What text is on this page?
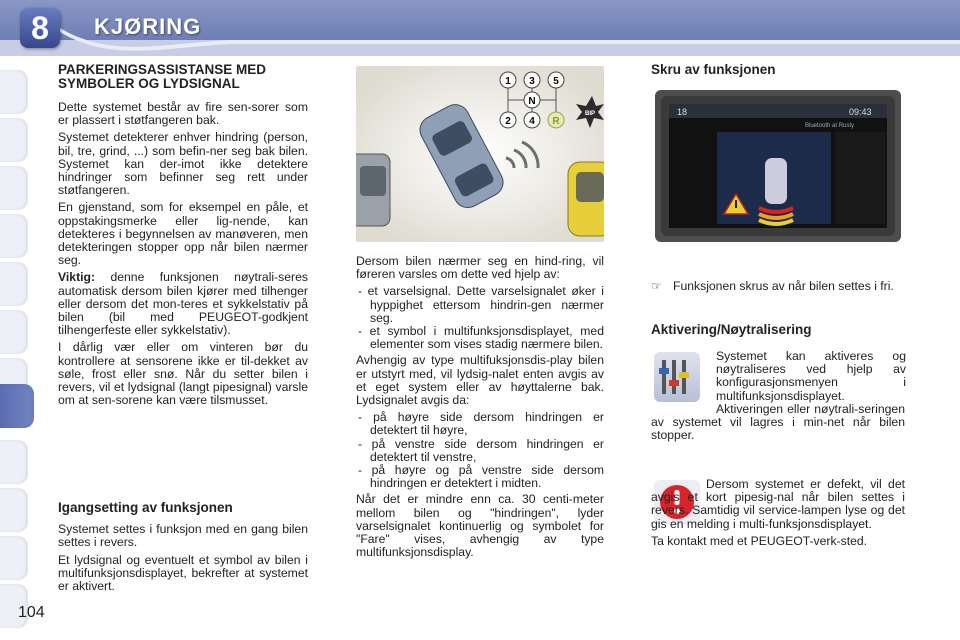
8	KJØRING
PARKERINGSASSISTANSE MED SYMBOLER OG LYDSIGNAL

Dette systemet består av fire sen-sorer som er plassert i støtfangeren bak.

Systemet detekterer enhver hindring (person, bil, tre, grind, ...) som befin-ner seg bak bilen. Systemet kan der-imot ikke detektere hindringer som befinner seg rett under støtfangeren.

En gjenstand, som for eksempel en påle, et oppstakingsmerke eller lig-nende, kan detekteres i begynnelsen av manøveren, men detekteringen stopper opp når bilen nærmer seg.

Viktig: denne funksjonen nøytrali-seres automatisk dersom bilen kjører med tilhenger eller dersom det mon-teres et sykkelstativ på bilen (bil med PEUGEOT-godkjent tilhengerfeste eller sykkelstativ).

I dårlig vær eller om vinteren bør du kontrollere at sensorene ikke er til-dekket av søle, frost eller snø. Når du setter bilen i revers, vil et lydsignal (langt pipesignal) varsle om at sen-sorene kan være tilsmusset.

Igangsetting av funksjonen

Systemet settes i funksjon med en gang bilen settes i revers.

Et lydsignal og eventuelt et symbol av bilen i multifunksjonsdisplayet, bekrefter at systemet er aktivert.

1 3 5
N
2 4 R
BIP

Dersom bilen nærmer seg en hind-ring, vil føreren varsles om dette ved hjelp av:

- et varselsignal. Dette varselsignalet øker i hyppighet ettersom hindrin-gen nærmer seg.
- et symbol i multifunksjonsdisplayet, med elementer som vises stadig nærmere bilen.

Avhengig av type multifuksjonsdis-play bilen er utstyrt med, vil lydsig-nalet enten avgis av et eget system eller av høyttalerne bak. Lydsignalet avgis da:

- på høyre side dersom hindringen er detektert til høyre,
- på venstre side dersom hindringen er detektert til venstre,
- på høyre og på venstre side dersom hindringen er detektert i midten.

Når det er mindre enn ca. 30 centi-meter mellom bilen og "hindringen", lyder varselsignalet kontinuerlig og symbolet for "Fare" vises, avhengig av type multifunksjonsdisplay.

Skru av funksjonen
18	09:43
Bluetooth at Rusty
☞ Funksjonen skrus av når bilen settes i fri.
Aktivering/Nøytralisering

Systemet kan aktiveres og nøytraliseres ved hjelp av konfigurasjonsmenyen i multifunksjonsdisplayet.

Aktiveringen eller nøytrali-seringen av systemet vil lagres i min-net når bilen stopper.

Dersom systemet er defekt, vil det avgis et kort pipesig-nal når bilen settes i revers. Samtidig vil service-lampen lyse og det gis en melding i multi-funksjonsdisplayet.

Ta kontakt med et PEUGEOT-verk-sted.

104
